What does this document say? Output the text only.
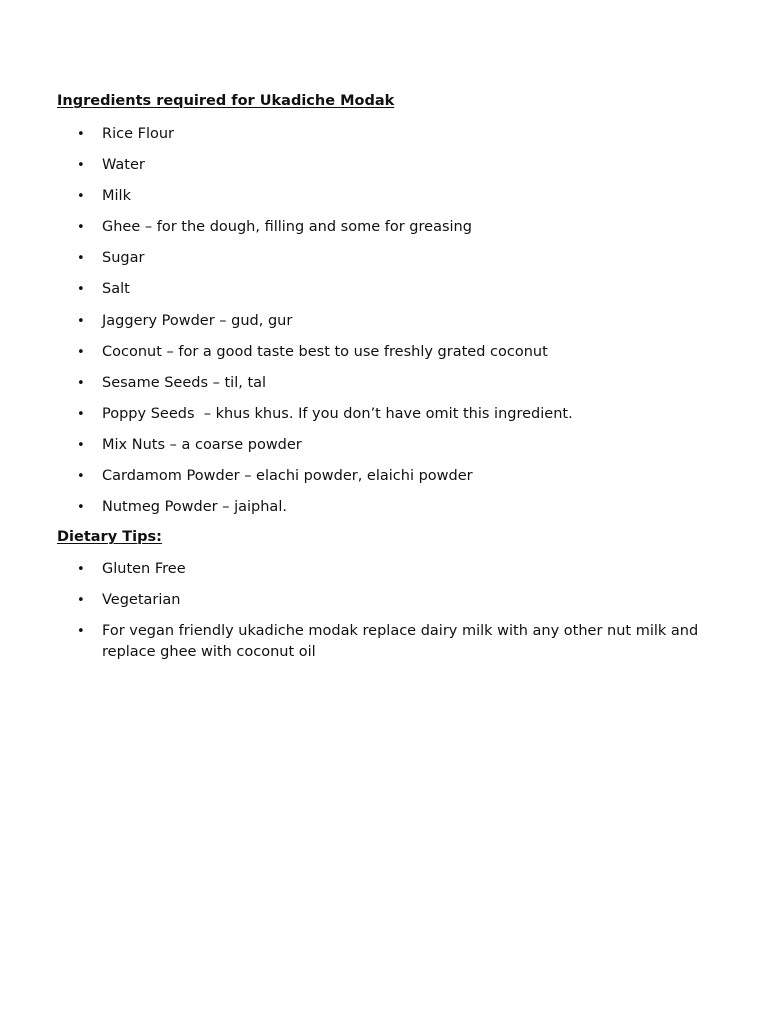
Ingredients required for Ukadiche Modak
• Rice Flour
• Water
• Milk
• Ghee – for the dough, filling and some for greasing
• Sugar
• Salt
• Jaggery Powder – gud, gur
• Coconut – for a good taste best to use freshly grated coconut
• Sesame Seeds – til, tal
• Poppy Seeds  – khus khus. If you don’t have omit this ingredient.
• Mix Nuts – a coarse powder
• Cardamom Powder – elachi powder, elaichi powder
• Nutmeg Powder – jaiphal.
Dietary Tips:
• Gluten Free
• Vegetarian
• For vegan friendly ukadiche modak replace dairy milk with any other nut milk and replace ghee with coconut oil
